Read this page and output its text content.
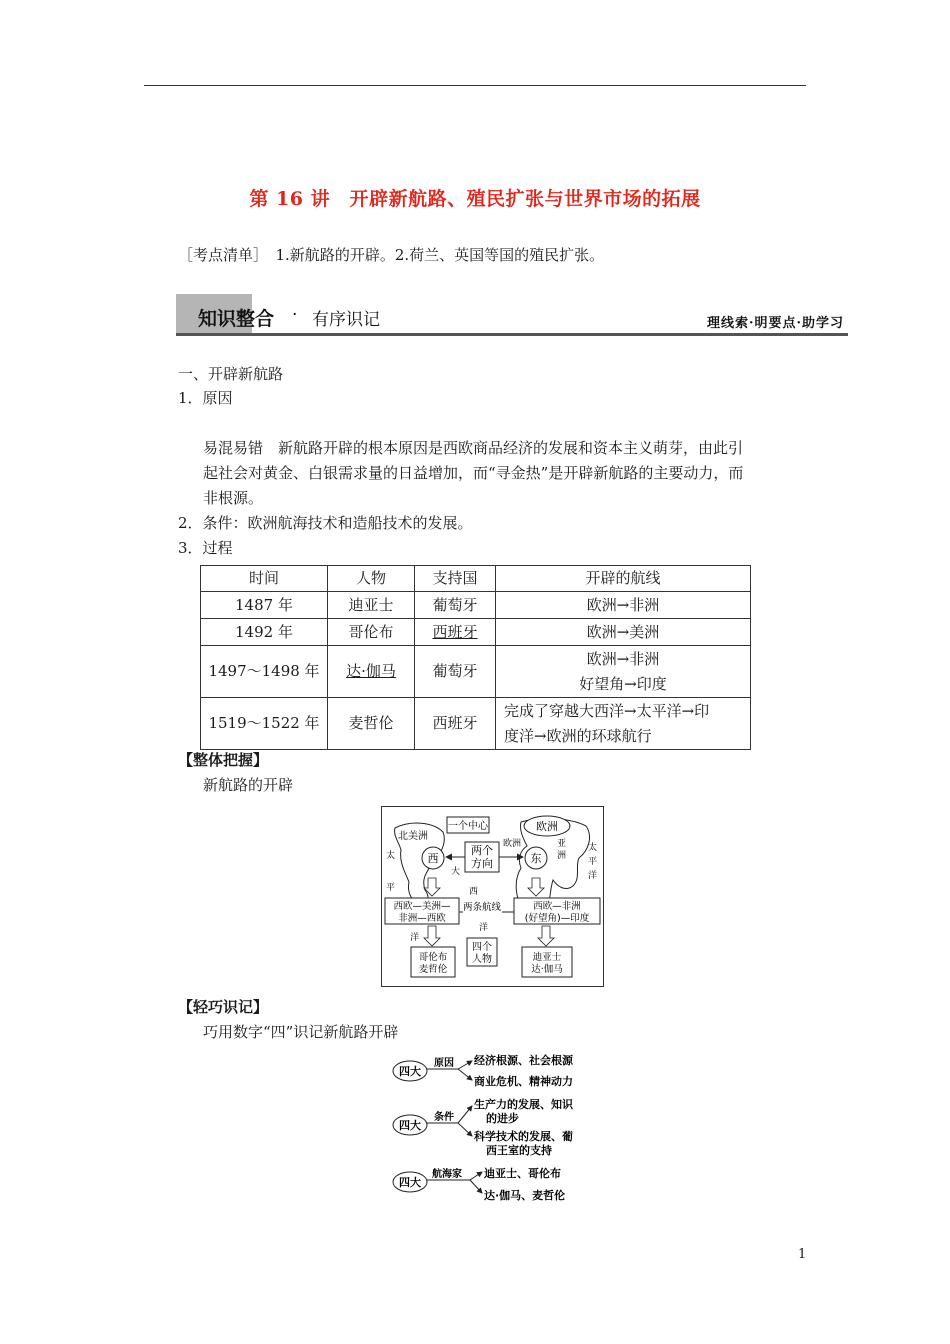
第 16 讲　开辟新航路、殖民扩张与世界市场的拓展
［考点清单］　1.新航路的开辟。2.荷兰、英国等国的殖民扩张。
知识整合 · 有序识记	理线索·明要点·助学习
一、开辟新航路
1．原因
易混易错　新航路开辟的根本原因是西欧商品经济的发展和资本主义萌芽，由此引
起社会对黄金、白银需求量的日益增加，而“寻金热”是开辟新航路的主要动力，而
非根源。
2．条件：欧洲航海技术和造船技术的发展。
3．过程
时间	人物	支持国	开辟的航线
1487 年	迪亚士	葡萄牙	欧洲→非洲
1492 年	哥伦布	西班牙	欧洲→美洲
1497～1498 年	达·伽马	葡萄牙	欧洲→非洲
好望角→印度

1519～1522 年	麦哲伦	西班牙	完成了穿越大西洋→太平洋→印
度洋→欧洲的环球航行
【整体把握】
新航路的开辟
一个中心	欧洲
北美洲
西	东
两个
方向
欧洲	亚
洲
大
太
平
洋
太
平
洋
西
洋
西欧—美洲—
非洲—西欧
两条航线	西欧—非洲
(好望角)—印度
四个
人物
哥伦布
麦哲伦
迪亚士
达·伽马
【轻巧识记】
巧用数字“四”识记新航路开辟
四大
原因 经济根源、社会根源
商业危机、精神动力
四大
条件
生产力的发展、知识
的进步
科学技术的发展、葡
西王室的支持
四大
航海家 迪亚士、哥伦布
达·伽马、麦哲伦
1
